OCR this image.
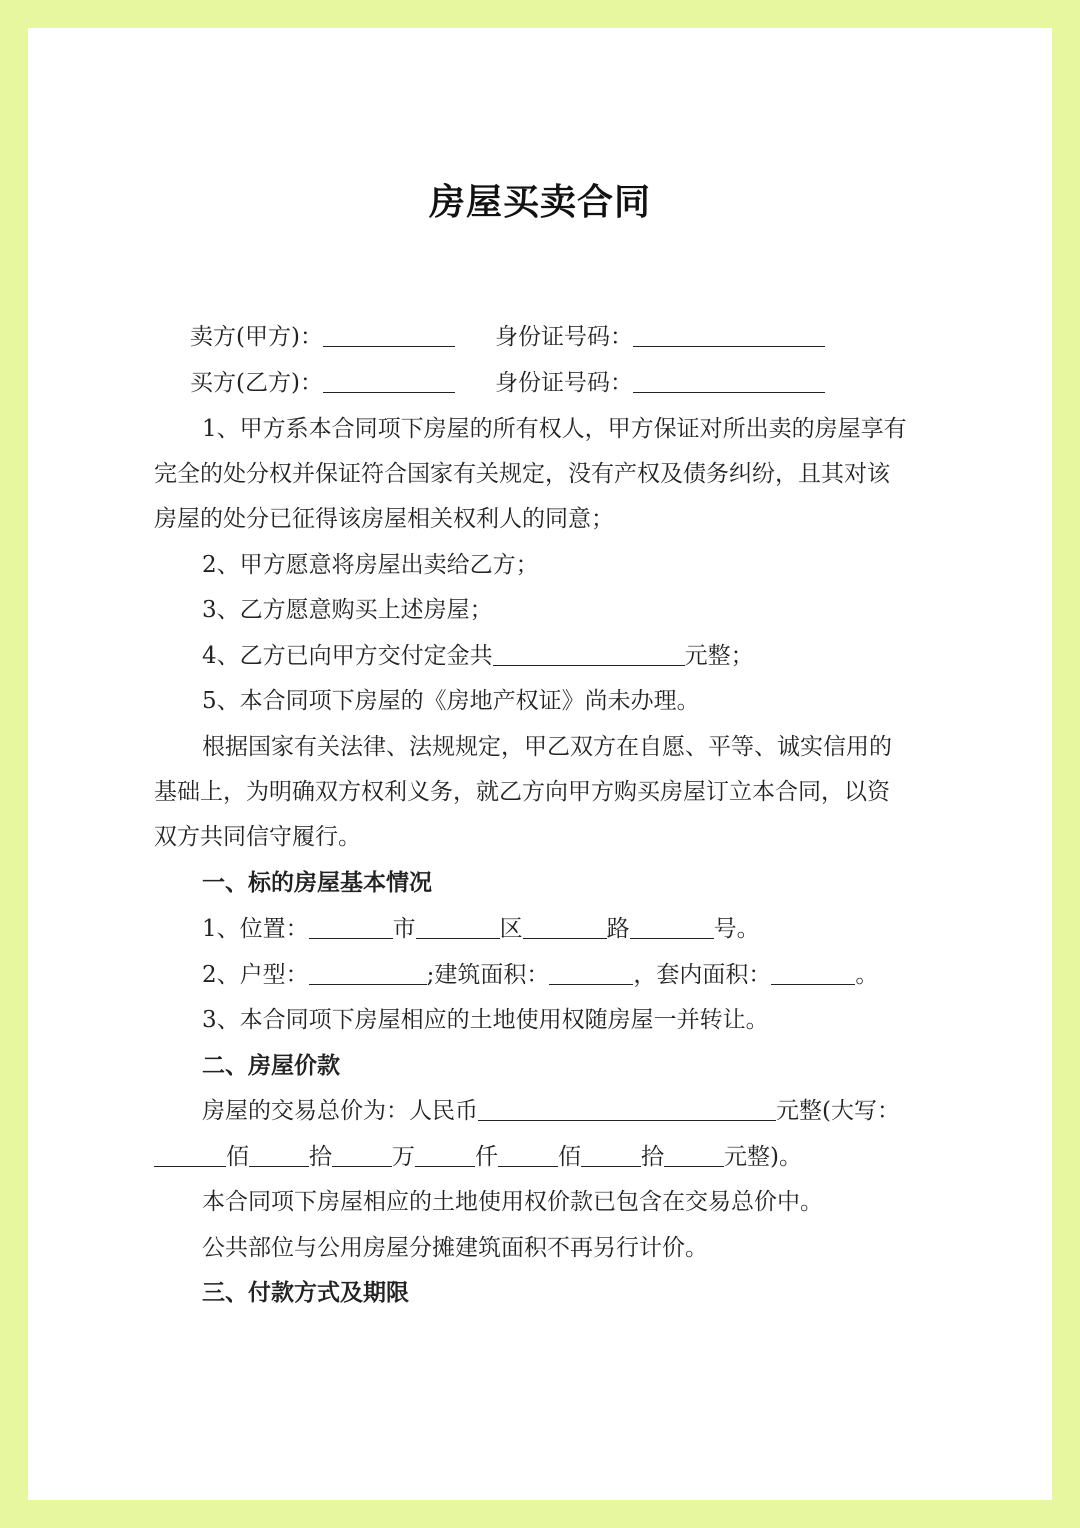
房屋买卖合同
卖方(甲方)：	身份证号码：
买方(乙方)：	身份证号码：
1、甲方系本合同项下房屋的所有权人，甲方保证对所出卖的房屋享有
完全的处分权并保证符合国家有关规定，没有产权及债务纠纷，且其对该
房屋的处分已征得该房屋相关权利人的同意；
2、甲方愿意将房屋出卖给乙方；
3、乙方愿意购买上述房屋；
4、乙方已向甲方交付定金共	元整；
5、本合同项下房屋的《房地产权证》尚未办理。
根据国家有关法律、法规规定，甲乙双方在自愿、平等、诚实信用的
基础上，为明确双方权利义务，就乙方向甲方购买房屋订立本合同，以资
双方共同信守履行。
一、标的房屋基本情况
1、位置：	市	区	路	号。
2、户型：	;建筑面积：	，套内面积：	。
3、本合同项下房屋相应的土地使用权随房屋一并转让。
二、房屋价款
房屋的交易总价为：人民币	元整(大写：
佰	拾	万	仟	佰	拾	元整)。
本合同项下房屋相应的土地使用权价款已包含在交易总价中。
公共部位与公用房屋分摊建筑面积不再另行计价。
三、付款方式及期限
